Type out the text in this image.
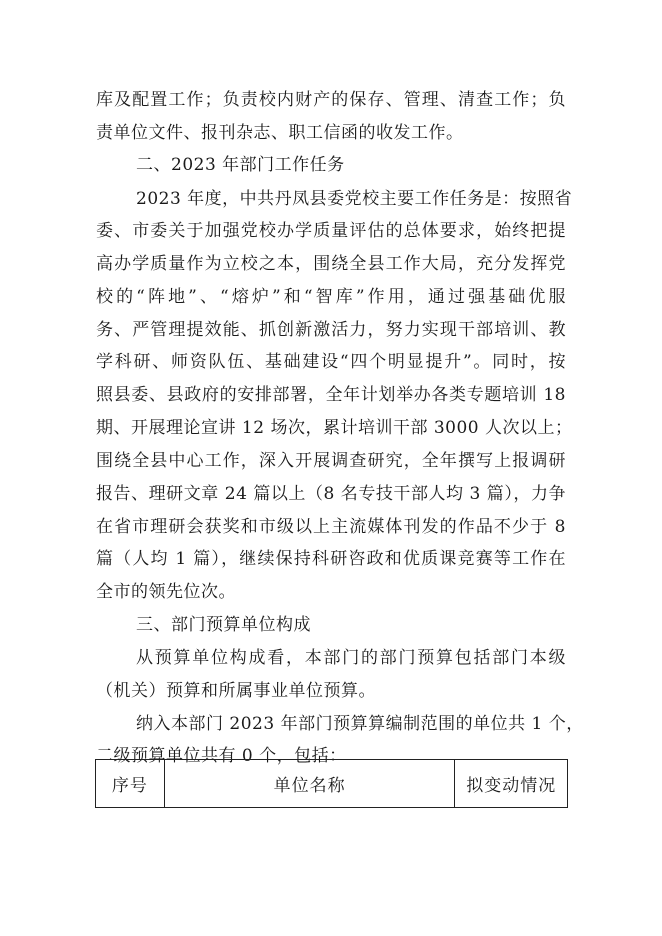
库及配置工作；负责校内财产的保存、管理、清查工作；负
责单位文件、报刊杂志、职工信函的收发工作。
二、2023 年部门工作任务
2023 年度，中共丹凤县委党校主要工作任务是：按照省
委、市委关于加强党校办学质量评估的总体要求，始终把提
高办学质量作为立校之本，围绕全县工作大局，充分发挥党
校的“阵地”、“熔炉”和“智库”作用，通过强基础优服
务、严管理提效能、抓创新激活力，努力实现干部培训、教
学科研、师资队伍、基础建设“四个明显提升”。同时，按
照县委、县政府的安排部署，全年计划举办各类专题培训 18
期、开展理论宣讲 12 场次，累计培训干部 3000 人次以上；
围绕全县中心工作，深入开展调查研究，全年撰写上报调研
报告、理研文章 24 篇以上（8 名专技干部人均 3 篇），力争
在省市理研会获奖和市级以上主流媒体刊发的作品不少于 8
篇（人均 1 篇），继续保持科研咨政和优质课竞赛等工作在
全市的领先位次。
三、部门预算单位构成
从预算单位构成看，本部门的部门预算包括部门本级
（机关）预算和所属事业单位预算。
纳入本部门 2023 年部门预算算编制范围的单位共 1 个，
二级预算单位共有 0 个，包括：
序号	单位名称	拟变动情况
